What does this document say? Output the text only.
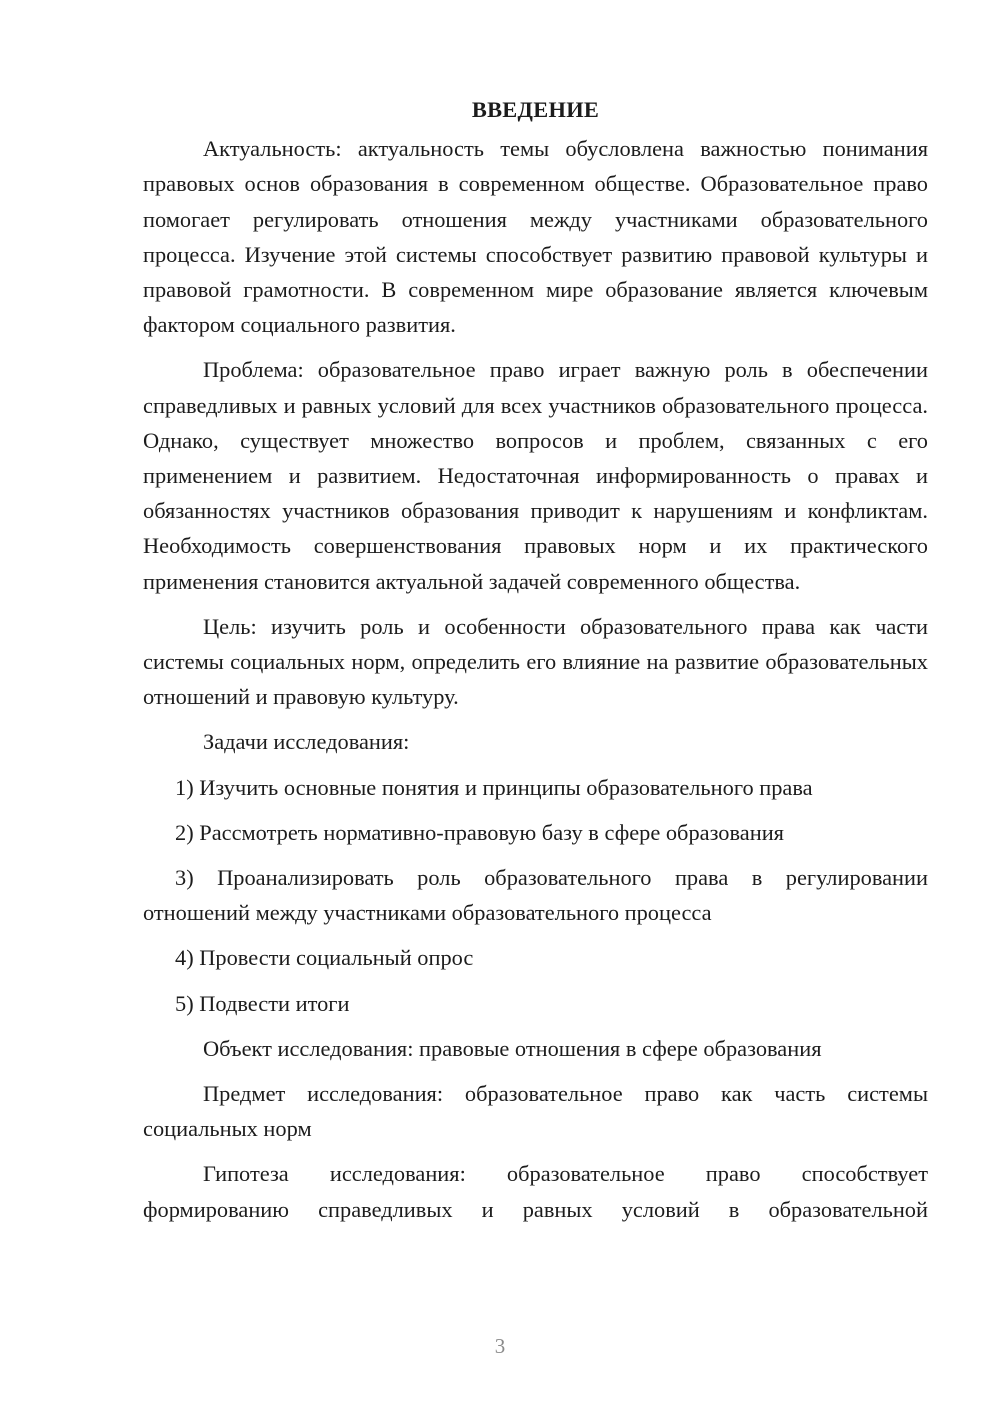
ВВЕДЕНИЕ

Актуальность: актуальность темы обусловлена важностью понимания правовых основ образования в современном обществе. Образовательное право помогает регулировать отношения между участниками образовательного процесса. Изучение этой системы способствует развитию правовой культуры и правовой грамотности. В современном мире образование является ключевым фактором социального развития.

Проблема: образовательное право играет важную роль в обеспечении справедливых и равных условий для всех участников образовательного процесса. Однако, существует множество вопросов и проблем, связанных с его применением и развитием. Недостаточная информированность о правах и обязанностях участников образования приводит к нарушениям и конфликтам. Необходимость совершенствования правовых норм и их практического применения становится актуальной задачей современного общества.

Цель: изучить роль и особенности образовательного права как части системы социальных норм, определить его влияние на развитие образовательных отношений и правовую культуру.

Задачи исследования:

1) Изучить основные понятия и принципы образовательного права

2) Рассмотреть нормативно-правовую базу в сфере образования

3) Проанализировать роль образовательного права в регулировании отношений между участниками образовательного процесса

4) Провести социальный опрос

5) Подвести итоги

Объект исследования: правовые отношения в сфере образования

Предмет исследования: образовательное право как часть системы социальных норм

Гипотеза исследования: образовательное право способствует формированию справедливых и равных условий в образовательной

3
